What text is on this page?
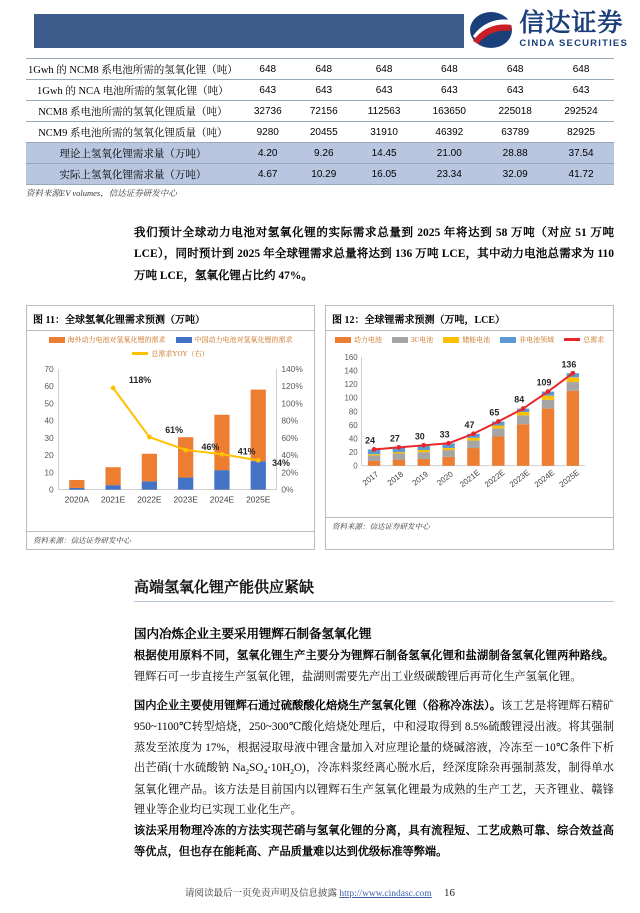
信达证券
CINDA SECURITIES
1Gwh 的 NCM8 系电池所需的氢氧化锂（吨）	648	648	648	648	648	648
1Gwh 的 NCA 电池所需的氢氧化锂（吨）	643	643	643	643	643	643
NCM8 系电池所需的氢氧化锂质量（吨）	32736	72156	112563	163650	225018	292524
NCM9 系电池所需的氢氧化锂质量（吨）	9280	20455	31910	46392	63789	82925
理论上氢氧化锂需求量（万吨）	4.20	9.26	14.45	21.00	28.88	37.54
实际上氢氧化锂需求量（万吨）	4.67	10.29	16.05	23.34	32.09	41.72
资料来源EV volumes，信达证券研发中心
我们预计全球动力电池对氢氧化锂的实际需求总量到 2025 年将达到 58 万吨（对应 51 万吨 LCE），同时预计到 2025 年全球锂需求总量将达到 136 万吨 LCE，其中动力电池总需求为 110 万吨 LCE，氢氧化锂占比约 47%。
图 11：全球氢氧化锂需求预测（万吨）
海外动力电池对氢氧化锂的需求	中国动力电池对氢氧化锂的需求
总需求YOY（右）
0
10
20
30
40
50
60
70
0%
20%
40%
60%
80%
100%
120%
140%
2020A 2021E 2022E 2023E 2024E 2025E
118%
61%
46% 41%
34%
资料来源：信达证券研发中心
图 12：全球锂需求预测（万吨，LCE）
动力电池	3C电池	储能电池	非电池领域	总需求
0
20
40
60
80
100
120
140
160
2017 2018 2019 2020 2021E 2022E 2023E 2024E 2025E
24 27 30 33
47
65
84
109
136
资料来源：信达证券研发中心
高端氢氧化锂产能供应紧缺
国内冶炼企业主要采用锂辉石制备氢氧化锂
根据使用原料不同，氢氧化锂生产主要分为锂辉石制备氢氧化锂和盐湖制备氢氧化锂两种路线。锂辉石可一步直接生产氢氧化锂，盐湖则需要先产出工业级碳酸锂后再苛化生产氢氧化锂。
国内企业主要使用锂辉石通过硫酸酸化焙烧生产氢氧化锂（俗称冷冻法）。该工艺是将锂辉石精矿 950~1100℃转型焙烧，250~300℃酸化焙烧处理后，中和浸取得到 8.5%硫酸锂浸出液。将其强制蒸发至浓度为 17%，根据浸取母液中锂含量加入对应理论量的烧碱溶液，冷冻至－10℃条件下析出芒硝(十水硫酸钠 $Na_2SO_4\cdot 10H_2O$)，冷冻料浆经离心脱水后，经深度除杂再强制蒸发，制得单水氢氧化锂产品。该方法是目前国内以锂辉石生产氢氧化锂最为成熟的生产工艺，天齐锂业、赣锋锂业等企业均已实现工业化生产。
该法采用物理冷冻的方法实现芒硝与氢氧化锂的分离，具有流程短、工艺成熟可靠、综合效益高等优点，但也存在能耗高、产品质量难以达到优级标准等弊端。
请阅读最后一页免责声明及信息披露 http://www.cindasc.com 16
